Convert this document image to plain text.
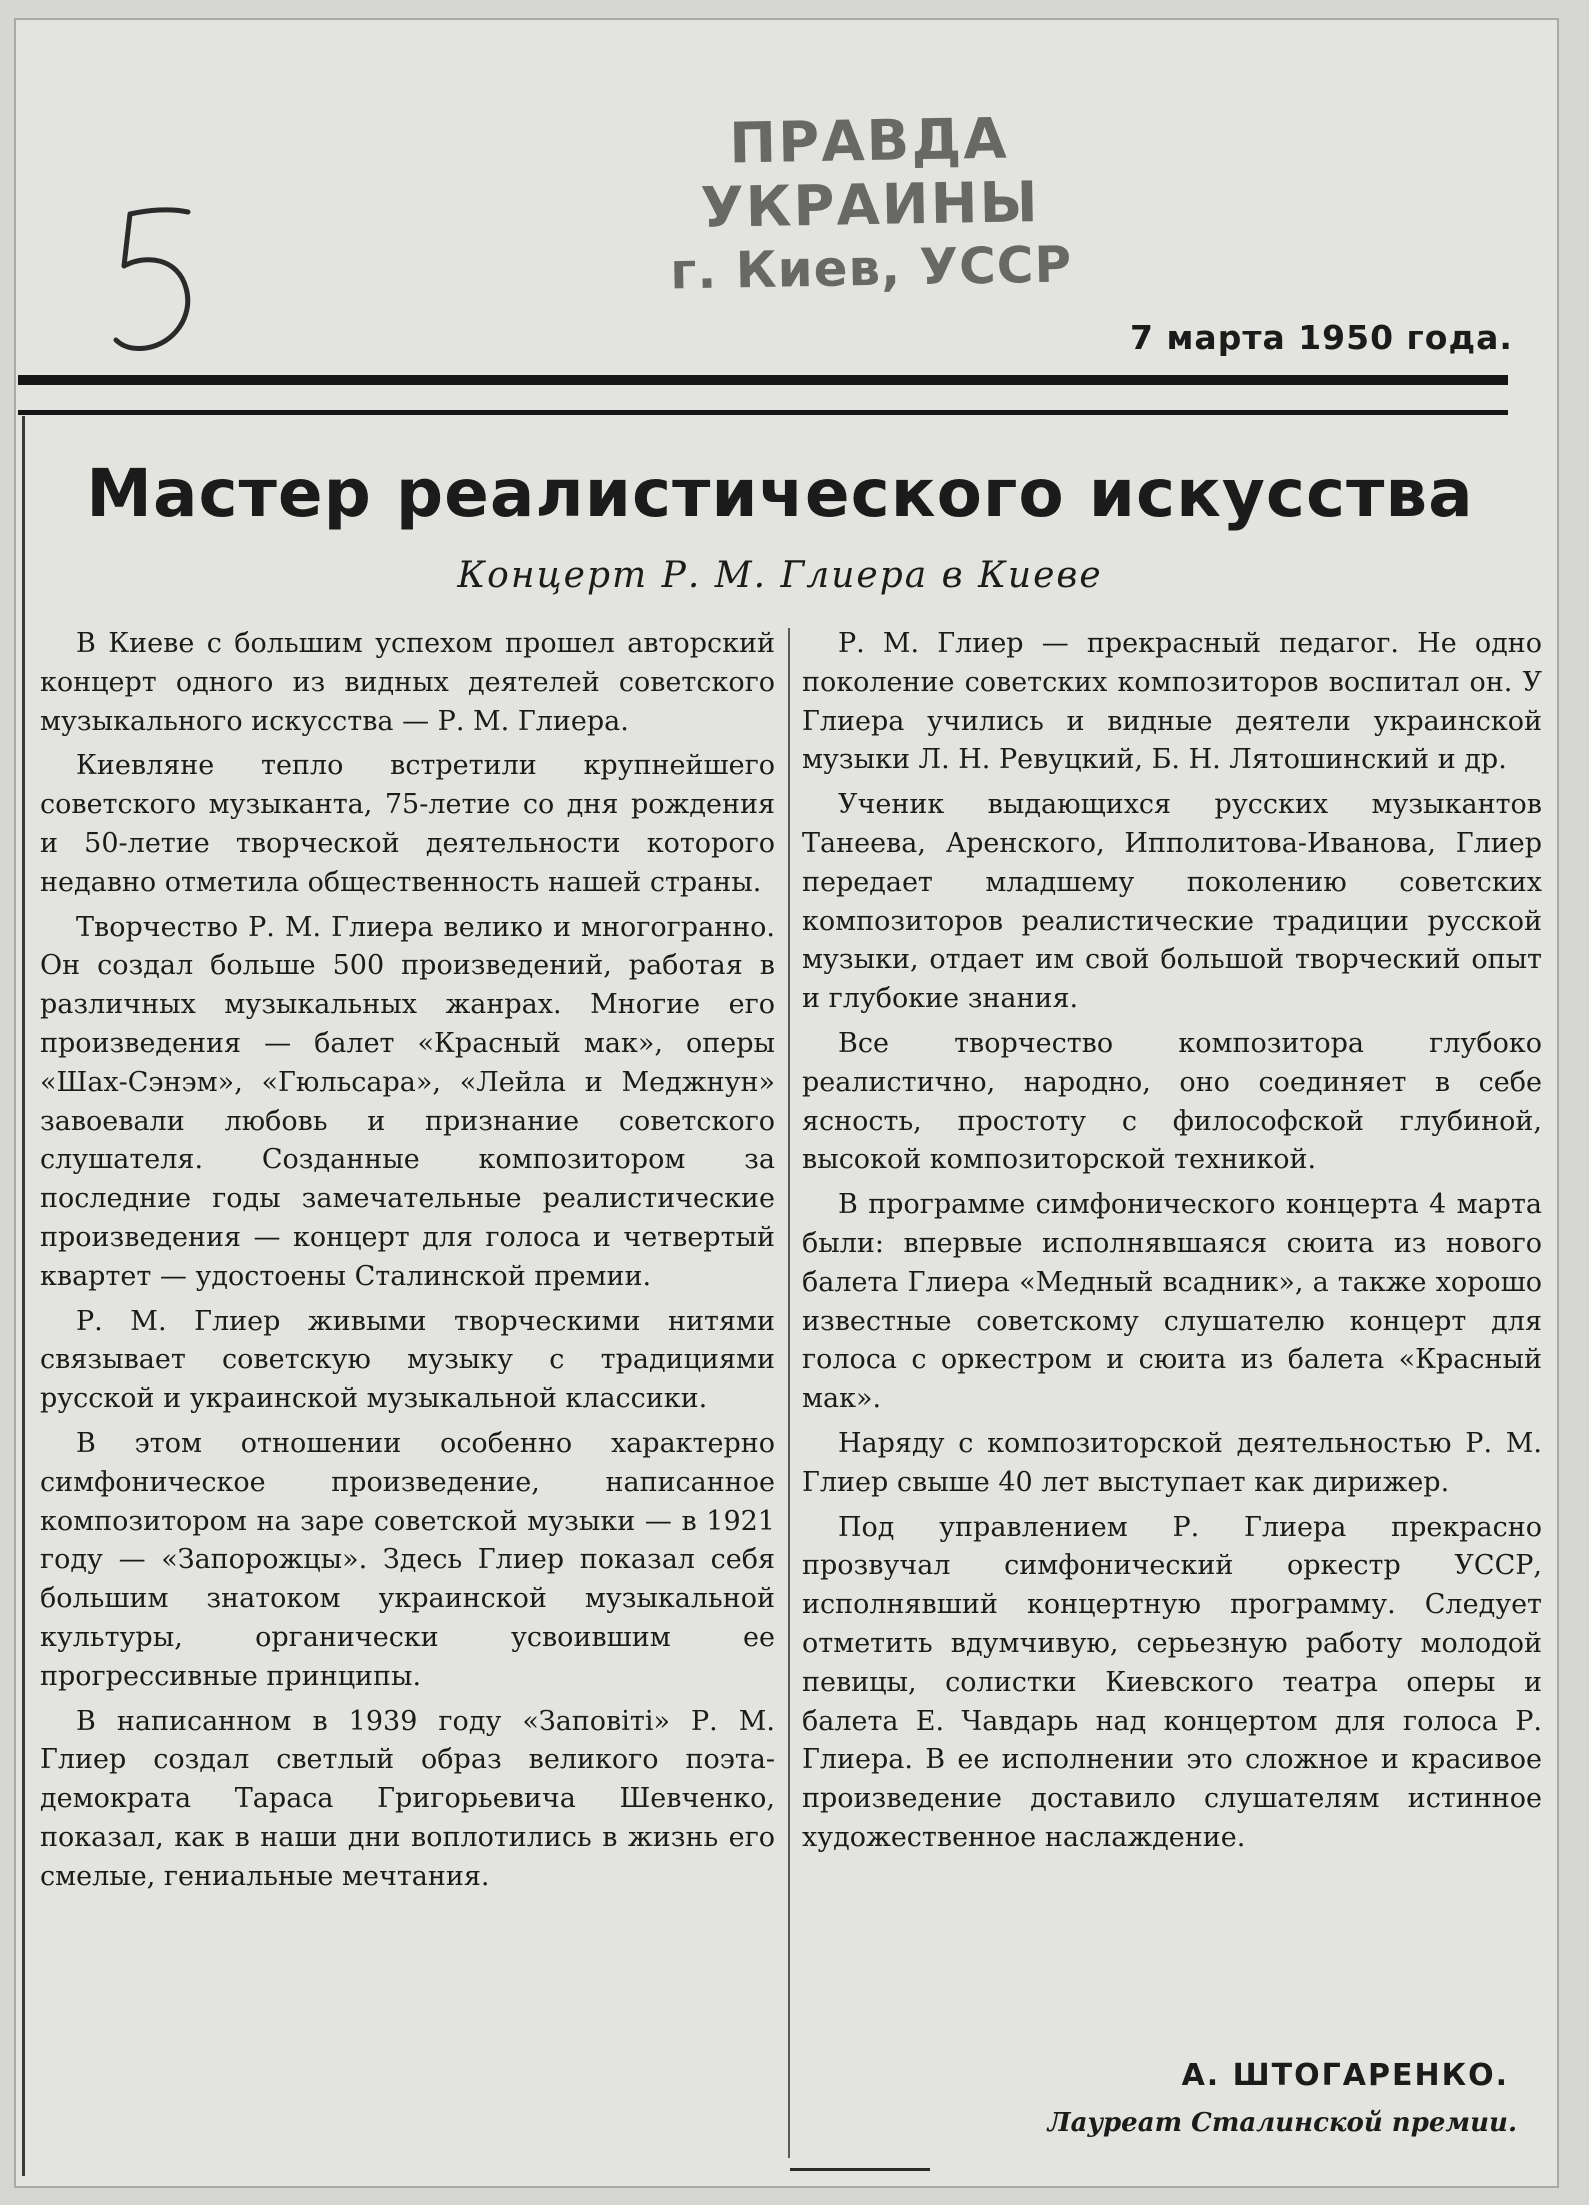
ПРАВДА УКРАИНЫ
г. Киев, УССР
7 марта 1950 года.
Мастер реалистического искусства
Концерт Р. М. Глиера в Киеве

В Киеве с большим успехом прошел авторский концерт одного из видных деятелей советского музыкального искусства — Р. М. Глиера.

Киевляне тепло встретили крупнейшего советского музыканта, 75-летие со дня рождения и 50-летие творческой деятельности которого недавно отметила общественность нашей страны.

Творчество Р. М. Глиера велико и многогранно. Он создал больше 500 произведений, работая в различных музыкальных жанрах. Многие его произведения — балет «Красный мак», оперы «Шах-Сэнэм», «Гюльсара», «Лейла и Меджнун» завоевали любовь и признание советского слушателя. Созданные композитором за последние годы замечательные реалистические произведения — концерт для голоса и четвертый квартет — удостоены Сталинской премии.

Р. М. Глиер живыми творческими нитями связывает советскую музыку с традициями русской и украинской музыкальной классики.

В этом отношении особенно характерно симфоническое произведение, написанное композитором на заре советской музыки — в 1921 году — «Запорожцы». Здесь Глиер показал себя большим знатоком украинской музыкальной культуры, органически усвоившим ее прогрессивные принципы.

В написанном в 1939 году «Заповіті» Р. М. Глиер создал светлый образ великого поэта-демократа Тараса Григорьевича Шевченко, показал, как в наши дни воплотились в жизнь его смелые, гениальные мечтания.

Р. М. Глиер — прекрасный педагог. Не одно поколение советских композиторов воспитал он. У Глиера учились и видные деятели украинской музыки Л. Н. Ревуцкий, Б. Н. Лятошинский и др.

Ученик выдающихся русских музыкантов Танеева, Аренского, Ипполитова-Иванова, Глиер передает младшему поколению советских композиторов реалистические традиции русской музыки, отдает им свой большой творческий опыт и глубокие знания.

Все творчество композитора глубоко реалистично, народно, оно соединяет в себе ясность, простоту с философской глубиной, высокой композиторской техникой.

В программе симфонического концерта 4 марта были: впервые исполнявшаяся сюита из нового балета Глиера «Медный всадник», а также хорошо известные советскому слушателю концерт для голоса с оркестром и сюита из балета «Красный мак».

Наряду с композиторской деятельностью Р. М. Глиер свыше 40 лет выступает как дирижер.

Под управлением Р. Глиера прекрасно прозвучал симфонический оркестр УССР, исполнявший концертную программу. Следует отметить вдумчивую, серьезную работу молодой певицы, солистки Киевского театра оперы и балета Е. Чавдарь над концертом для голоса Р. Глиера. В ее исполнении это сложное и красивое произведение доставило слушателям истинное художественное наслаждение.

А. ШТОГАРЕНКО.
Лауреат Сталинской премии.
